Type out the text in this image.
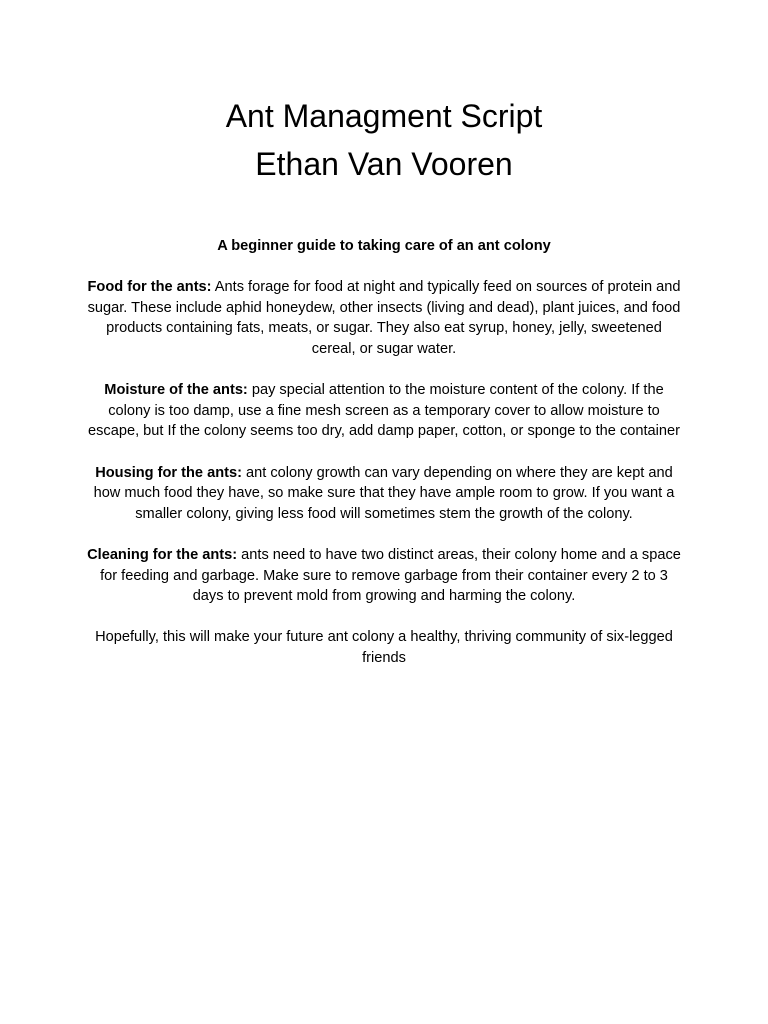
Ant Managment Script
Ethan Van Vooren

A beginner guide to taking care of an ant colony

Food for the ants: Ants forage for food at night and typically feed on sources of protein and sugar. These include aphid honeydew, other insects (living and dead), plant juices, and food products containing fats, meats, or sugar. They also eat syrup, honey, jelly, sweetened cereal, or sugar water.

Moisture of the ants: pay special attention to the moisture content of the colony. If the colony is too damp, use a fine mesh screen as a temporary cover to allow moisture to escape, but If the colony seems too dry, add damp paper, cotton, or sponge to the container

Housing for the ants: ant colony growth can vary depending on where they are kept and how much food they have, so make sure that they have ample room to grow. If you want a smaller colony, giving less food will sometimes stem the growth of the colony.

Cleaning for the ants: ants need to have two distinct areas, their colony home and a space for feeding and garbage. Make sure to remove garbage from their container every 2 to 3 days to prevent mold from growing and harming the colony.

Hopefully, this will make your future ant colony a healthy, thriving community of six-legged friends
